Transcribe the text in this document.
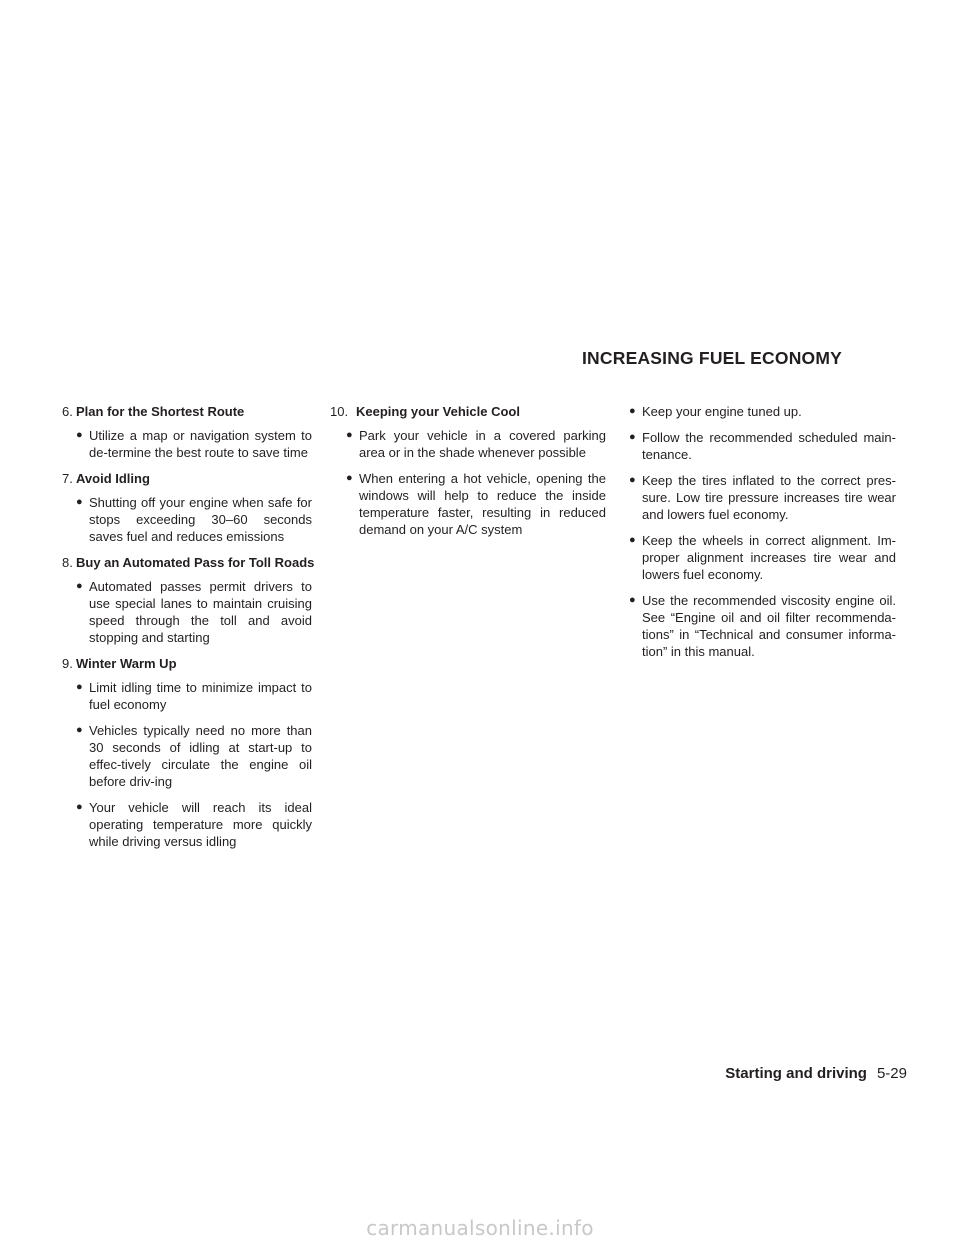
INCREASING FUEL ECONOMY
6. Plan for the Shortest Route
● Utilize a map or navigation system to de-termine the best route to save time
7. Avoid Idling
● Shutting off your engine when safe for stops exceeding 30–60 seconds saves fuel and reduces emissions
8. Buy an Automated Pass for Toll Roads
● Automated passes permit drivers to use special lanes to maintain cruising speed through the toll and avoid stopping and starting
9. Winter Warm Up
● Limit idling time to minimize impact to fuel economy
● Vehicles typically need no more than 30 seconds of idling at start-up to effec-tively circulate the engine oil before driv-ing
● Your vehicle will reach its ideal operating temperature more quickly while driving versus idling
10. Keeping your Vehicle Cool
● Park your vehicle in a covered parking area or in the shade whenever possible
● When entering a hot vehicle, opening the windows will help to reduce the inside temperature faster, resulting in reduced demand on your A/C system
● Keep your engine tuned up.
● Follow the recommended scheduled main-tenance.
● Keep the tires inflated to the correct pres-sure. Low tire pressure increases tire wear and lowers fuel economy.
● Keep the wheels in correct alignment. Im-proper alignment increases tire wear and lowers fuel economy.
● Use the recommended viscosity engine oil. See “Engine oil and oil filter recommenda-tions” in “Technical and consumer informa-tion” in this manual.
Starting and driving 5-29
carmanualsonline.info
